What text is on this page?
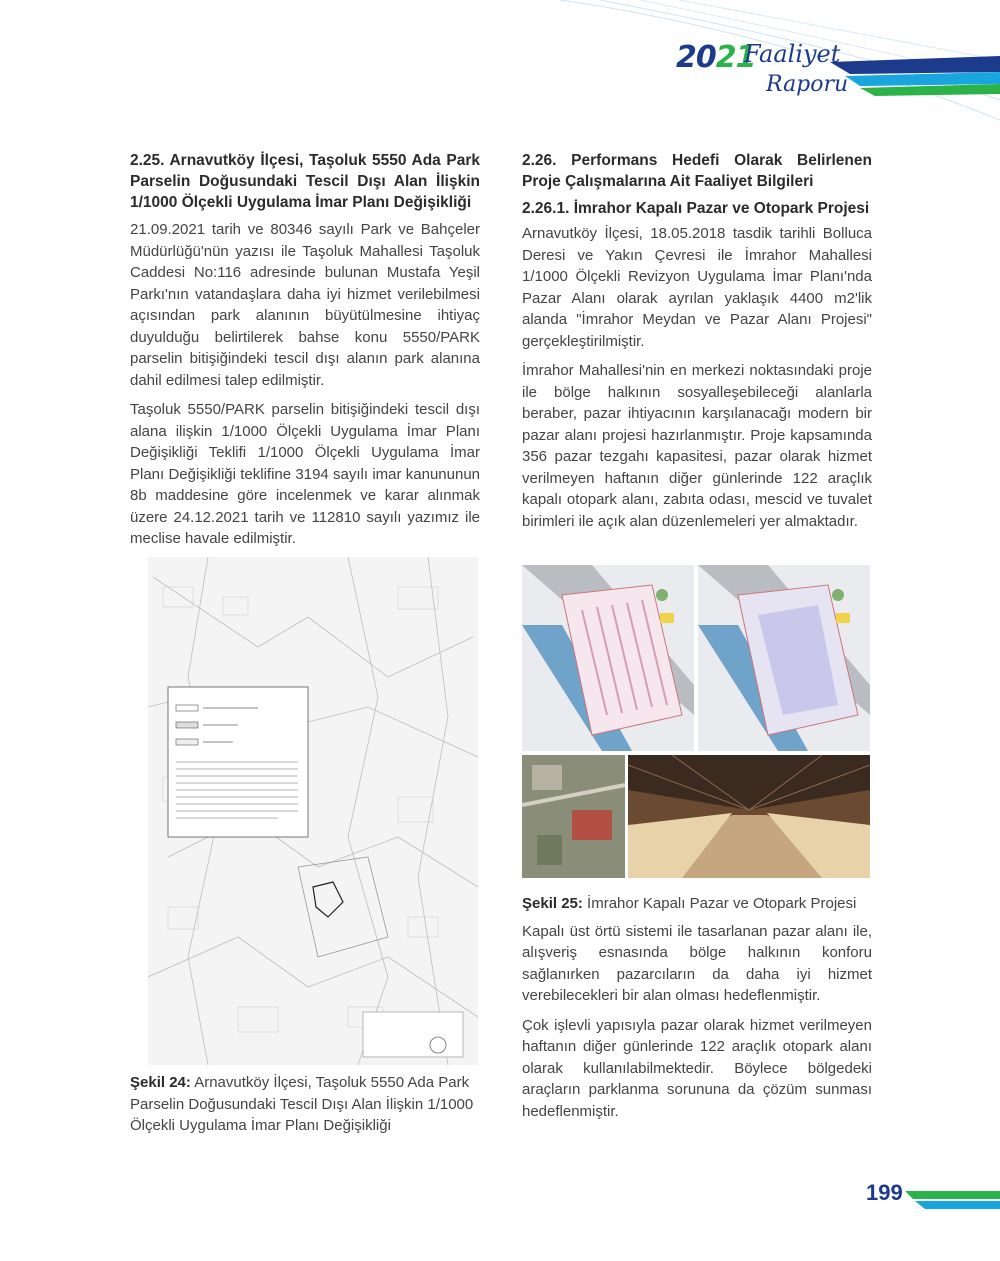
2021
Faaliyet
Raporu
2.25. Arnavutköy İlçesi, Taşoluk 5550 Ada Park Parselin Doğusundaki Tescil Dışı Alan İlişkin 1/1000 Ölçekli Uygulama İmar Planı Değişikliği

21.09.2021 tarih ve 80346 sayılı Park ve Bahçeler Müdürlüğü'nün yazısı ile Taşoluk Mahallesi Taşoluk Caddesi No:116 adresinde bulunan Mustafa Yeşil Parkı'nın vatandaşlara daha iyi hizmet verilebilmesi açısından park alanının büyütülmesine ihtiyaç duyulduğu belirtilerek bahse konu 5550/PARK parselin bitişiğindeki tescil dışı alanın park alanına dahil edilmesi talep edilmiştir.

Taşoluk 5550/PARK parselin bitişiğindeki tescil dışı alana ilişkin 1/1000 Ölçekli Uygulama İmar Planı Değişikliği Teklifi 1/1000 Ölçekli Uygulama İmar Planı Değişikliği teklifine 3194 sayılı imar kanununun 8b maddesine göre incelenmek ve karar alınmak üzere 24.12.2021 tarih ve 112810 sayılı yazımız ile meclise havale edilmiştir.

Şekil 24: Arnavutköy İlçesi, Taşoluk 5550 Ada Park Parselin Doğusundaki Tescil Dışı Alan İlişkin 1/1000 Ölçekli Uygulama İmar Planı Değişikliği
2.26. Performans Hedefi Olarak Belirlenen Proje Çalışmalarına Ait Faaliyet Bilgileri
2.26.1. İmrahor Kapalı Pazar ve Otopark Projesi

Arnavutköy İlçesi, 18.05.2018 tasdik tarihli Bolluca Deresi ve Yakın Çevresi ile İmrahor Mahallesi 1/1000 Ölçekli Revizyon Uygulama İmar Planı'nda Pazar Alanı olarak ayrılan yaklaşık 4400 m2'lik alanda "İmrahor Meydan ve Pazar Alanı Projesi" gerçekleştirilmiştir.

İmrahor Mahallesi'nin en merkezi noktasındaki proje ile bölge halkının sosyalleşebileceği alanlarla beraber, pazar ihtiyacının karşılanacağı modern bir pazar alanı projesi hazırlanmıştır. Proje kapsamında 356 pazar tezgahı kapasitesi, pazar olarak hizmet verilmeyen haftanın diğer günlerinde 122 araçlık kapalı otopark alanı, zabıta odası, mescid ve tuvalet birimleri ile açık alan düzenlemeleri yer almaktadır.

Şekil 25: İmrahor Kapalı Pazar ve Otopark Projesi

Kapalı üst örtü sistemi ile tasarlanan pazar alanı ile, alışveriş esnasında bölge halkının konforu sağlanırken pazarcıların da daha iyi hizmet verebilecekleri bir alan olması hedeflenmiştir.

Çok işlevli yapısıyla pazar olarak hizmet verilmeyen haftanın diğer günlerinde 122 araçlık otopark alanı olarak kullanılabilmektedir. Böylece bölgedeki araçların parklanma sorununa da çözüm sunması hedeflenmiştir.

199
